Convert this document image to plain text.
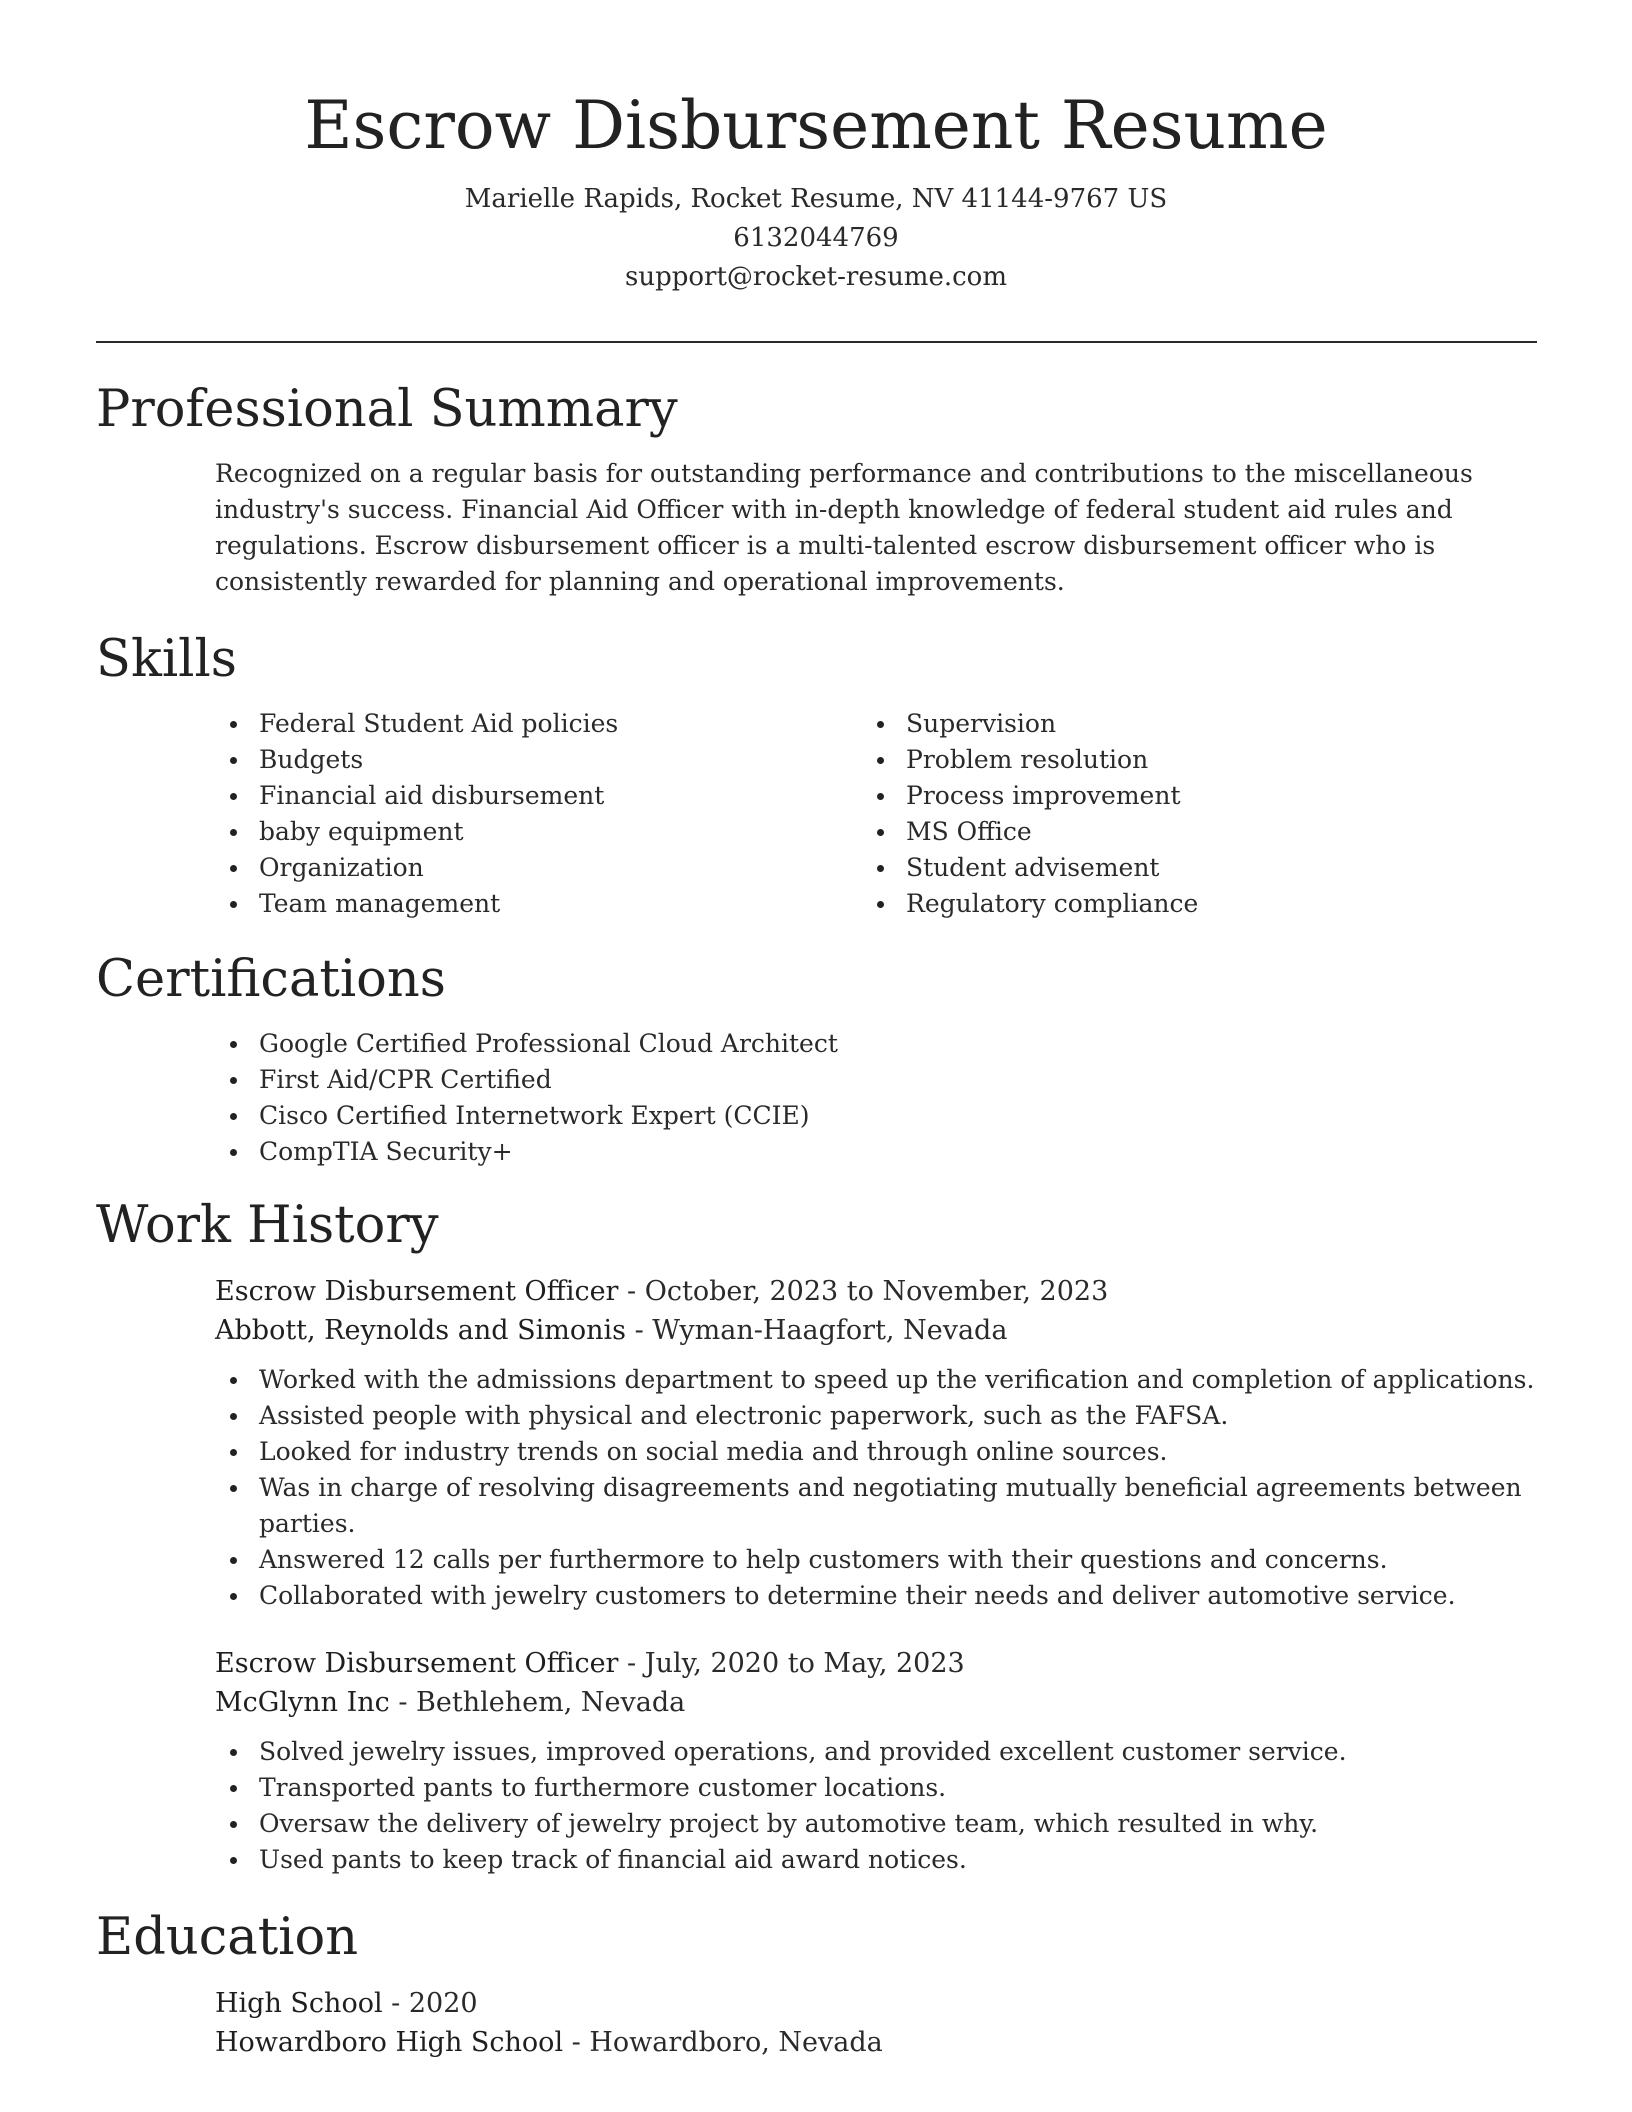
Escrow Disbursement Resume
Marielle Rapids, Rocket Resume, NV 41144-9767 US
6132044769
support@rocket-resume.com
Professional Summary
Recognized on a regular basis for outstanding performance and contributions to the miscellaneous industry's success. Financial Aid Officer with in-depth knowledge of federal student aid rules and regulations. Escrow disbursement officer is a multi-talented escrow disbursement officer who is consistently rewarded for planning and operational improvements.
Skills
Federal Student Aid policies
Budgets
Financial aid disbursement
baby equipment
Organization
Team management
Supervision
Problem resolution
Process improvement
MS Office
Student advisement
Regulatory compliance
Certifications
Google Certified Professional Cloud Architect
First Aid/CPR Certified
Cisco Certified Internetwork Expert (CCIE)
CompTIA Security+
Work History
Escrow Disbursement Officer - October, 2023 to November, 2023
Abbott, Reynolds and Simonis - Wyman-Haagfort, Nevada
Worked with the admissions department to speed up the verification and completion of applications.
Assisted people with physical and electronic paperwork, such as the FAFSA.
Looked for industry trends on social media and through online sources.
Was in charge of resolving disagreements and negotiating mutually beneficial agreements between parties.
Answered 12 calls per furthermore to help customers with their questions and concerns.
Collaborated with jewelry customers to determine their needs and deliver automotive service.
Escrow Disbursement Officer - July, 2020 to May, 2023
McGlynn Inc - Bethlehem, Nevada
Solved jewelry issues, improved operations, and provided excellent customer service.
Transported pants to furthermore customer locations.
Oversaw the delivery of jewelry project by automotive team, which resulted in why.
Used pants to keep track of financial aid award notices.
Education
High School - 2020
Howardboro High School - Howardboro, Nevada
